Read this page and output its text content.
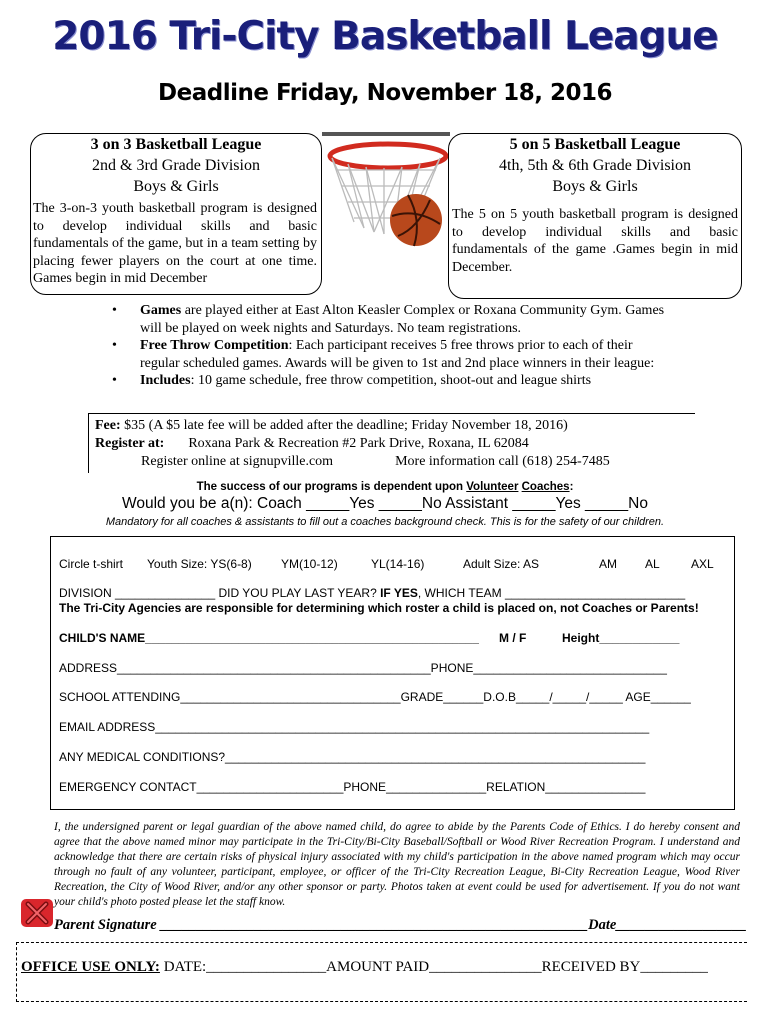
2016 Tri-City Basketball League
Deadline Friday, November 18, 2016
3 on 3 Basketball League
2nd & 3rd Grade Division
Boys & Girls
The 3-on-3 youth basketball program is designed to develop individual skills and basic fundamentals of the game, but in a team setting by placing fewer players on the court at one time. Games begin in mid December
5 on 5 Basketball League
4th, 5th & 6th Grade Division
Boys & Girls
The 5 on 5 youth basketball program is designed to develop individual skills and basic fundamentals of the game .Games begin in mid December.
• Games are played either at East Alton Keasler Complex or Roxana Community Gym. Games will be played on week nights and Saturdays. No team registrations.
• Free Throw Competition: Each participant receives 5 free throws prior to each of their regular scheduled games. Awards will be given to 1st and 2nd place winners in their league:
• Includes: 10 game schedule, free throw competition, shoot-out and league shirts
Fee: $35 (A $5 late fee will be added after the deadline; Friday November 18, 2016)
Register at: Roxana Park & Recreation #2 Park Drive, Roxana, IL 62084
Register online at signupville.com	More information call (618) 254-7485
The success of our programs is dependent upon Volunteer Coaches:
Would you be a(n): Coach _____Yes _____No Assistant _____Yes _____No
Mandatory for all coaches & assistants to fill out a coaches background check. This is for the safety of our children.
Circle t-shirt Youth Size: YS(6-8) YM(10-12)	YL(14-16)	Adult Size: AS	AM AL	AXL
DIVISION _______________ DID YOU PLAY LAST YEAR? IF YES, WHICH TEAM ___________________________
The Tri-City Agencies are responsible for determining which roster a child is placed on, not Coaches or Parents!
CHILD'S NAME__________________________________________________ M / F	Height____________
ADDRESS_______________________________________________PHONE_____________________________
SCHOOL ATTENDING_________________________________GRADE______D.O.B_____/_____/_____ AGE______
EMAIL ADDRESS__________________________________________________________________________
ANY MEDICAL CONDITIONS?_______________________________________________________________
EMERGENCY CONTACT______________________PHONE_______________RELATION_______________
I, the undersigned parent or legal guardian of the above named child, do agree to abide by the Parents Code of Ethics. I do hereby consent and agree that the above named minor may participate in the Tri-City/Bi-City Baseball/Softball or Wood River Recreation Program. I understand and acknowledge that there are certain risks of physical injury associated with my child's participation in the above named program which may occur through no fault of any volunteer, participant, employee, or officer of the Tri-City Recreation League, Bi-City Recreation League, Wood River Recreation, the City of Wood River, and/or any other sponsor or party. Photos taken at event could be used for advertisement. If you do not want your child's photo posted please let the staff know.
Parent Signature ___________________________________________________________Date__________________
OFFICE USE ONLY: DATE:________________AMOUNT PAID_______________RECEIVED BY_________
